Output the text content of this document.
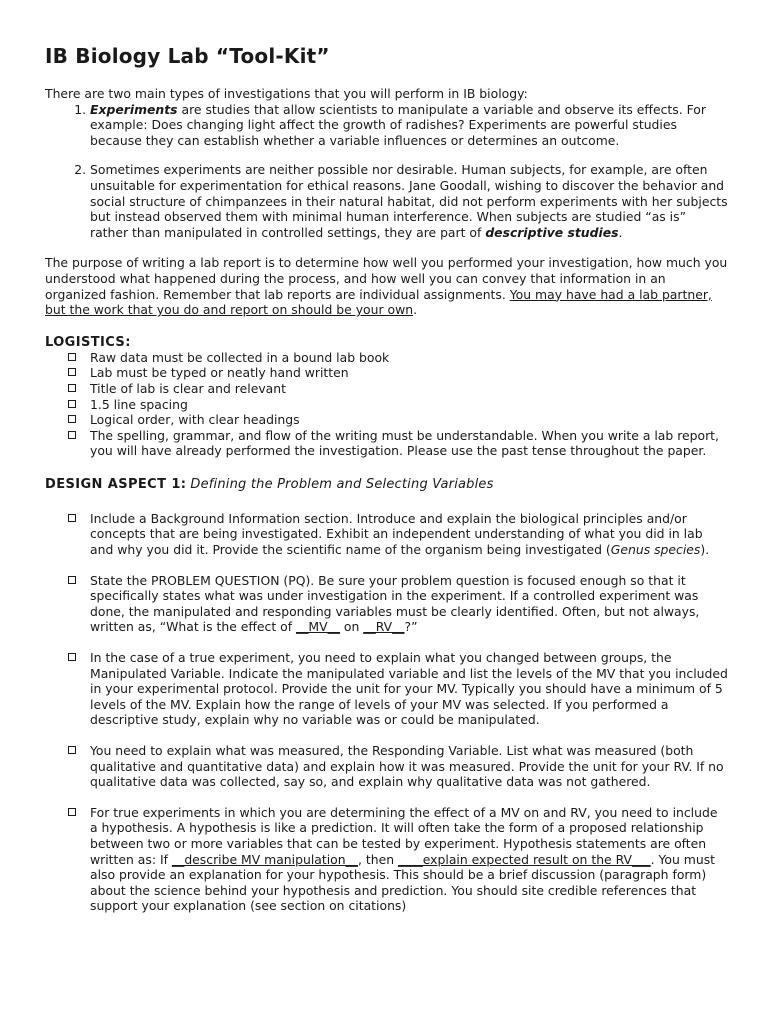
IB Biology Lab “Tool-Kit”

There are two main types of investigations that you will perform in IB biology:

1. Experiments are studies that allow scientists to manipulate a variable and observe its effects. For example: Does changing light affect the growth of radishes? Experiments are powerful studies because they can establish whether a variable influences or determines an outcome.
2. Sometimes experiments are neither possible nor desirable. Human subjects, for example, are often unsuitable for experimentation for ethical reasons. Jane Goodall, wishing to discover the behavior and social structure of chimpanzees in their natural habitat, did not perform experiments with her subjects but instead observed them with minimal human interference. When subjects are studied “as is” rather than manipulated in controlled settings, they are part of descriptive studies.

The purpose of writing a lab report is to determine how well you performed your investigation, how much you understood what happened during the process, and how well you can convey that information in an organized fashion. Remember that lab reports are individual assignments. You may have had a lab partner, but the work that you do and report on should be your own.

LOGISTICS:
Raw data must be collected in a bound lab book
Lab must be typed or neatly hand written
Title of lab is clear and relevant
1.5 line spacing
Logical order, with clear headings
The spelling, grammar, and flow of the writing must be understandable. When you write a lab report, you will have already performed the investigation. Please use the past tense throughout the paper.
DESIGN ASPECT 1: Defining the Problem and Selecting Variables
Include a Background Information section. Introduce and explain the biological principles and/or concepts that are being investigated. Exhibit an independent understanding of what you did in lab and why you did it. Provide the scientific name of the organism being investigated (Genus species).
State the PROBLEM QUESTION (PQ). Be sure your problem question is focused enough so that it specifically states what was under investigation in the experiment. If a controlled experiment was done, the manipulated and responding variables must be clearly identified. Often, but not always, written as, “What is the effect of __MV__ on __RV__?”
In the case of a true experiment, you need to explain what you changed between groups, the Manipulated Variable. Indicate the manipulated variable and list the levels of the MV that you included in your experimental protocol. Provide the unit for your MV. Typically you should have a minimum of 5 levels of the MV. Explain how the range of levels of your MV was selected. If you performed a descriptive study, explain why no variable was or could be manipulated.
You need to explain what was measured, the Responding Variable. List what was measured (both qualitative and quantitative data) and explain how it was measured. Provide the unit for your RV. If no qualitative data was collected, say so, and explain why qualitative data was not gathered.
For true experiments in which you are determining the effect of a MV on and RV, you need to include a hypothesis. A hypothesis is like a prediction. It will often take the form of a proposed relationship between two or more variables that can be tested by experiment. Hypothesis statements are often written as: If __describe MV manipulation__, then ____explain expected result on the RV___. You must also provide an explanation for your hypothesis. This should be a brief discussion (paragraph form) about the science behind your hypothesis and prediction. You should site credible references that support your explanation (see section on citations)
